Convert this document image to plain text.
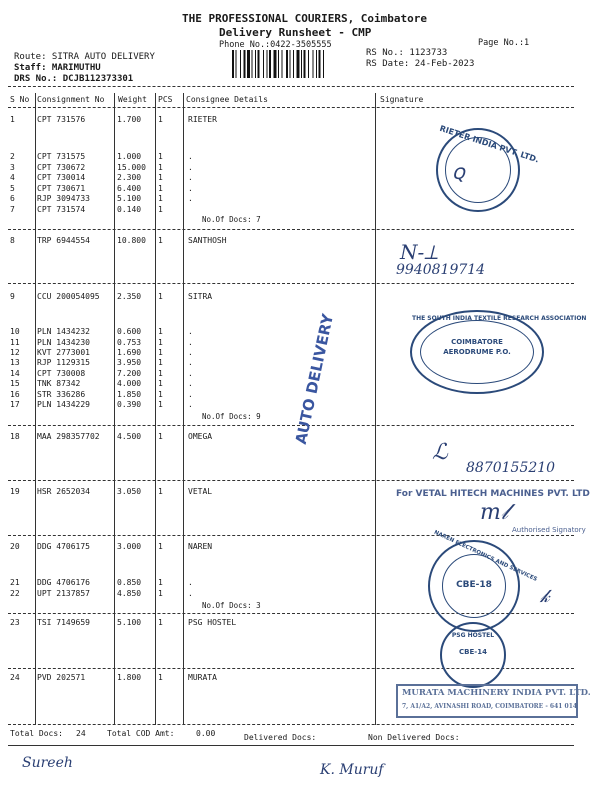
THE PROFESSIONAL COURIERS, Coimbatore
Delivery Runsheet - CMP
Phone No.:0422-3505555	Page No.:1
Route: SITRA AUTO DELIVERY
Staff: MARIMUTHU
DRS No.: DCJB112373301
RS No.: 1123733
RS Date: 24-Feb-2023
S No Consignment No Weight PCS Consignee Details	Signature
1	CPT 731576	1.700 1	RIETER
2	CPT 731575	1.000 1	.
3	CPT 730672	15.000 1	.
4	CPT 730014	2.300 1	.
5	CPT 730671	6.400 1	.
6	RJP 3094733	5.100 1	.
7	CPT 731574	0.140 1
8	TRP 6944554	10.800 1	SANTHOSH
9	CCU 200054095 2.350 1	SITRA
10 PLN 1434232	0.600 1	.
11 PLN 1434230	0.753 1	.
12 KVT 2773001	1.690 1	.
13 RJP 1129315	3.950 1	.
14 CPT 730008	7.200 1	.
15 TNK 87342	4.000 1	.
16 STR 336286	1.850 1	.
17 PLN 1434229	0.390 1	.
18 MAA 298357702 4.500 1	OMEGA
19 HSR 2652034	3.050 1	VETAL
20 DDG 4706175	3.000 1	NAREN
21 DDG 4706176	0.850 1	.
22 UPT 2137857	4.850 1	.
23 TSI 7149659	5.100 1	PSG HOSTEL
24 PVD 202571	1.800 1	MURATA
No.Of Docs: 7
No.Of Docs: 9
No.Of Docs: 3
Total Docs: 24	Total COD Amt:	0.00	Delivered Docs:	Non Delivered Docs:
RIETER INDIA PVT. LTD.
ꞯ
N-⟂
9940819714
AUTO DELIVERY	THE SOUTH INDIA TEXTILE RESEARCH ASSOCIATION
COIMBATORE
AERODRUME P.O.
ℒ
8870155210
For VETAL HITECH MACHINES PVT. LTD
m𝓁
Authorised Signatory
NAREN ELECTRONICS AND SERVICES
CBE-18
𝓀
PSG HOSTEL
CBE-14
MURATA MACHINERY INDIA PVT. LTD.
7, A1/A2, AVINASHI ROAD, COIMBATORE - 641 014
Sureeh	K. Muruf
